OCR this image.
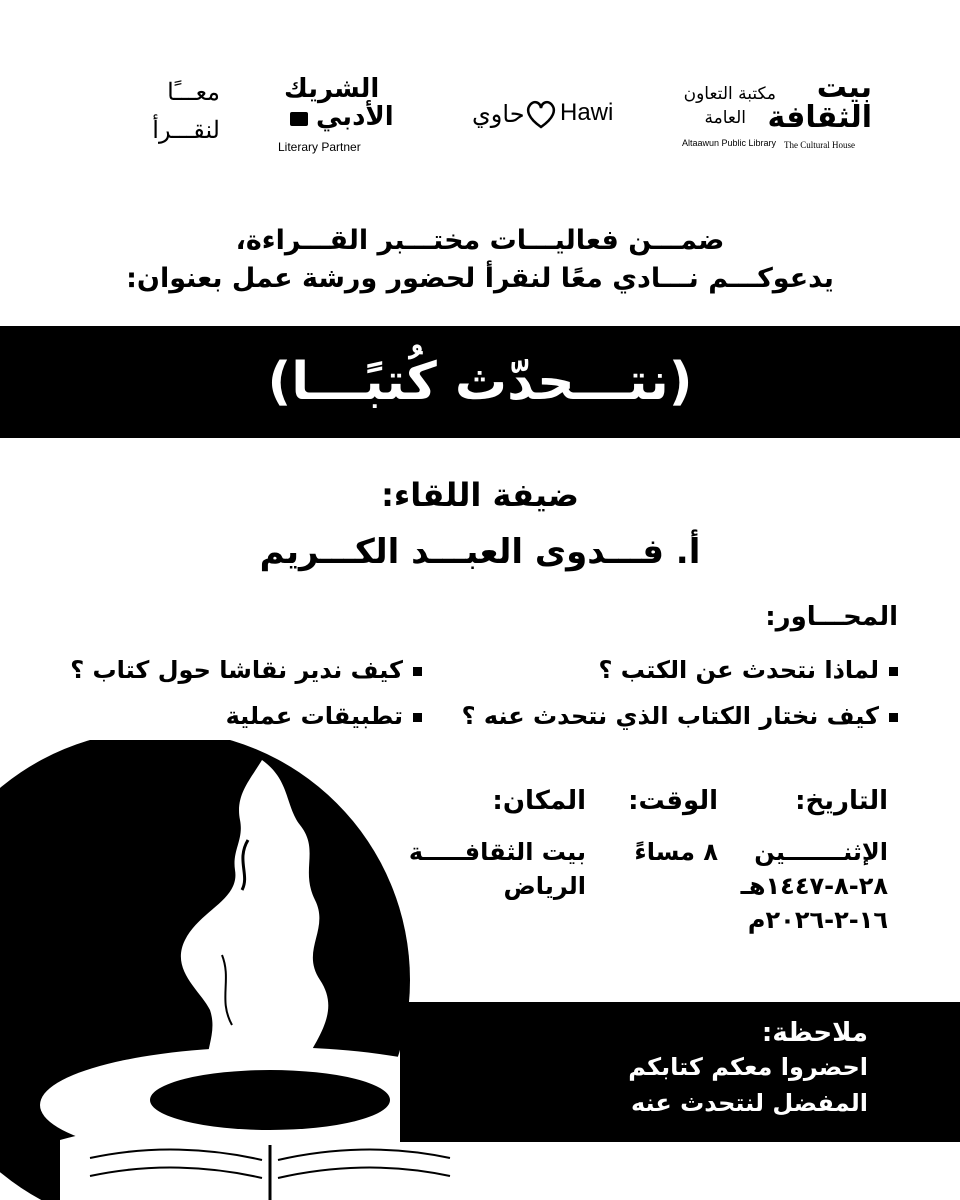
معـــًا
لنقـــرأ
الشريك
الأدبي
Literary Partner
حاوي Hawi
مكتبة التعاون
العامة
Altaawun Public Library
بيت
الثقافة
The Cultural House
ضمـــن فعاليـــات مختـــبر القـــراءة،
يدعوكـــم نـــادي معًا لنقرأ لحضور ورشة عمل بعنوان:
(نتـــحدّث كُتبًـــا)
ضيفة اللقاء:
أ. فـــدوى العبـــد الكـــريم
المحـــاور:
لماذا نتحدث عن الكتب ؟
كيف ندير نقاشا حول كتاب ؟
كيف نختار الكتاب الذي نتحدث عنه ؟
تطبيقات عملية
التاريخ:
الإثنـــــــين
٢٨-٨-١٤٤٧هـ
١٦-٢-٢٠٢٦م
الوقت:
٨ مساءً
المكان:
بيت الثقافـــــة
الرياض
ملاحظة:
احضروا معكم كتابكم
المفضل لنتحدث عنه
